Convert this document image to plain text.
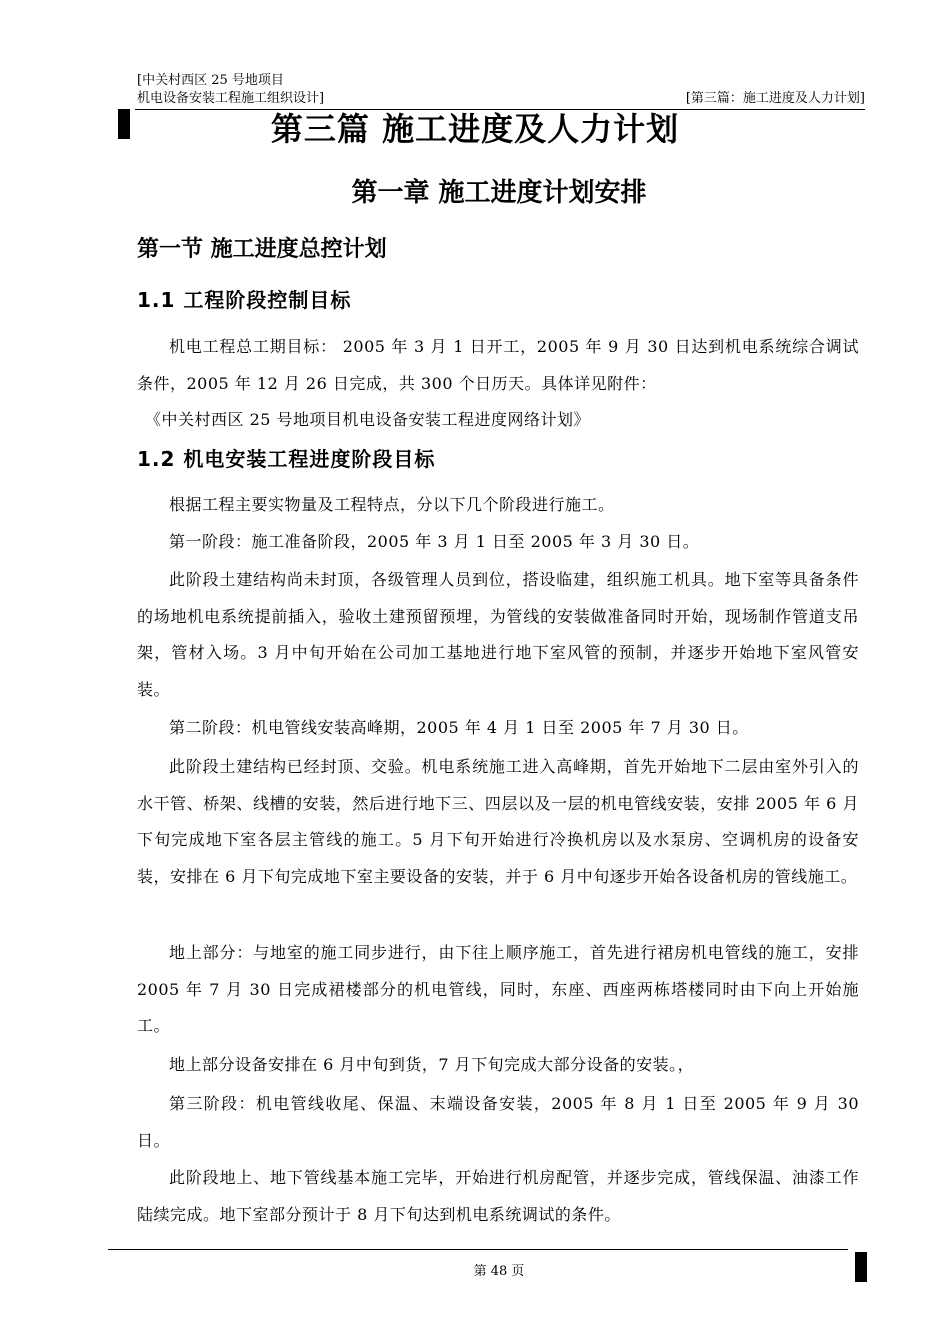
[中关村西区 25 号地项目
机电设备安装工程施工组织设计]	[第三篇：施工进度及人力计划]
第三篇 施工进度及人力计划
第一章 施工进度计划安排
第一节 施工进度总控计划
1.1 工程阶段控制目标

机电工程总工期目标： 2005 年 3 月 1 日开工，2005 年 9 月 30 日达到机电系统综合调试条件，2005 年 12 月 26 日完成，共 300 个日历天。具体详见附件：

《中关村西区 25 号地项目机电设备安装工程进度网络计划》

1.2 机电安装工程进度阶段目标

根据工程主要实物量及工程特点，分以下几个阶段进行施工。

第一阶段：施工准备阶段，2005 年 3 月 1 日至 2005 年 3 月 30 日。

此阶段土建结构尚未封顶，各级管理人员到位，搭设临建，组织施工机具。地下室等具备条件的场地机电系统提前插入，验收土建预留预埋，为管线的安装做准备同时开始，现场制作管道支吊架，管材入场。3 月中旬开始在公司加工基地进行地下室风管的预制，并逐步开始地下室风管安装。

第二阶段：机电管线安装高峰期，2005 年 4 月 1 日至 2005 年 7 月 30 日。

此阶段土建结构已经封顶、交验。机电系统施工进入高峰期，首先开始地下二层由室外引入的水干管、桥架、线槽的安装，然后进行地下三、四层以及一层的机电管线安装，安排 2005 年 6 月下旬完成地下室各层主管线的施工。5 月下旬开始进行冷换机房以及水泵房、空调机房的设备安装，安排在 6 月下旬完成地下室主要设备的安装，并于 6 月中旬逐步开始各设备机房的管线施工。

地上部分：与地室的施工同步进行，由下往上顺序施工，首先进行裙房机电管线的施工，安排 2005 年 7 月 30 日完成裙楼部分的机电管线，同时，东座、西座两栋塔楼同时由下向上开始施工。

地上部分设备安排在 6 月中旬到货，7 月下旬完成大部分设备的安装。，

第三阶段：机电管线收尾、保温、末端设备安装，2005 年 8 月 1 日至 2005 年 9 月 30 日。

此阶段地上、地下管线基本施工完毕，开始进行机房配管，并逐步完成，管线保温、油漆工作陆续完成。地下室部分预计于 8 月下旬达到机电系统调试的条件。

第 48 页
